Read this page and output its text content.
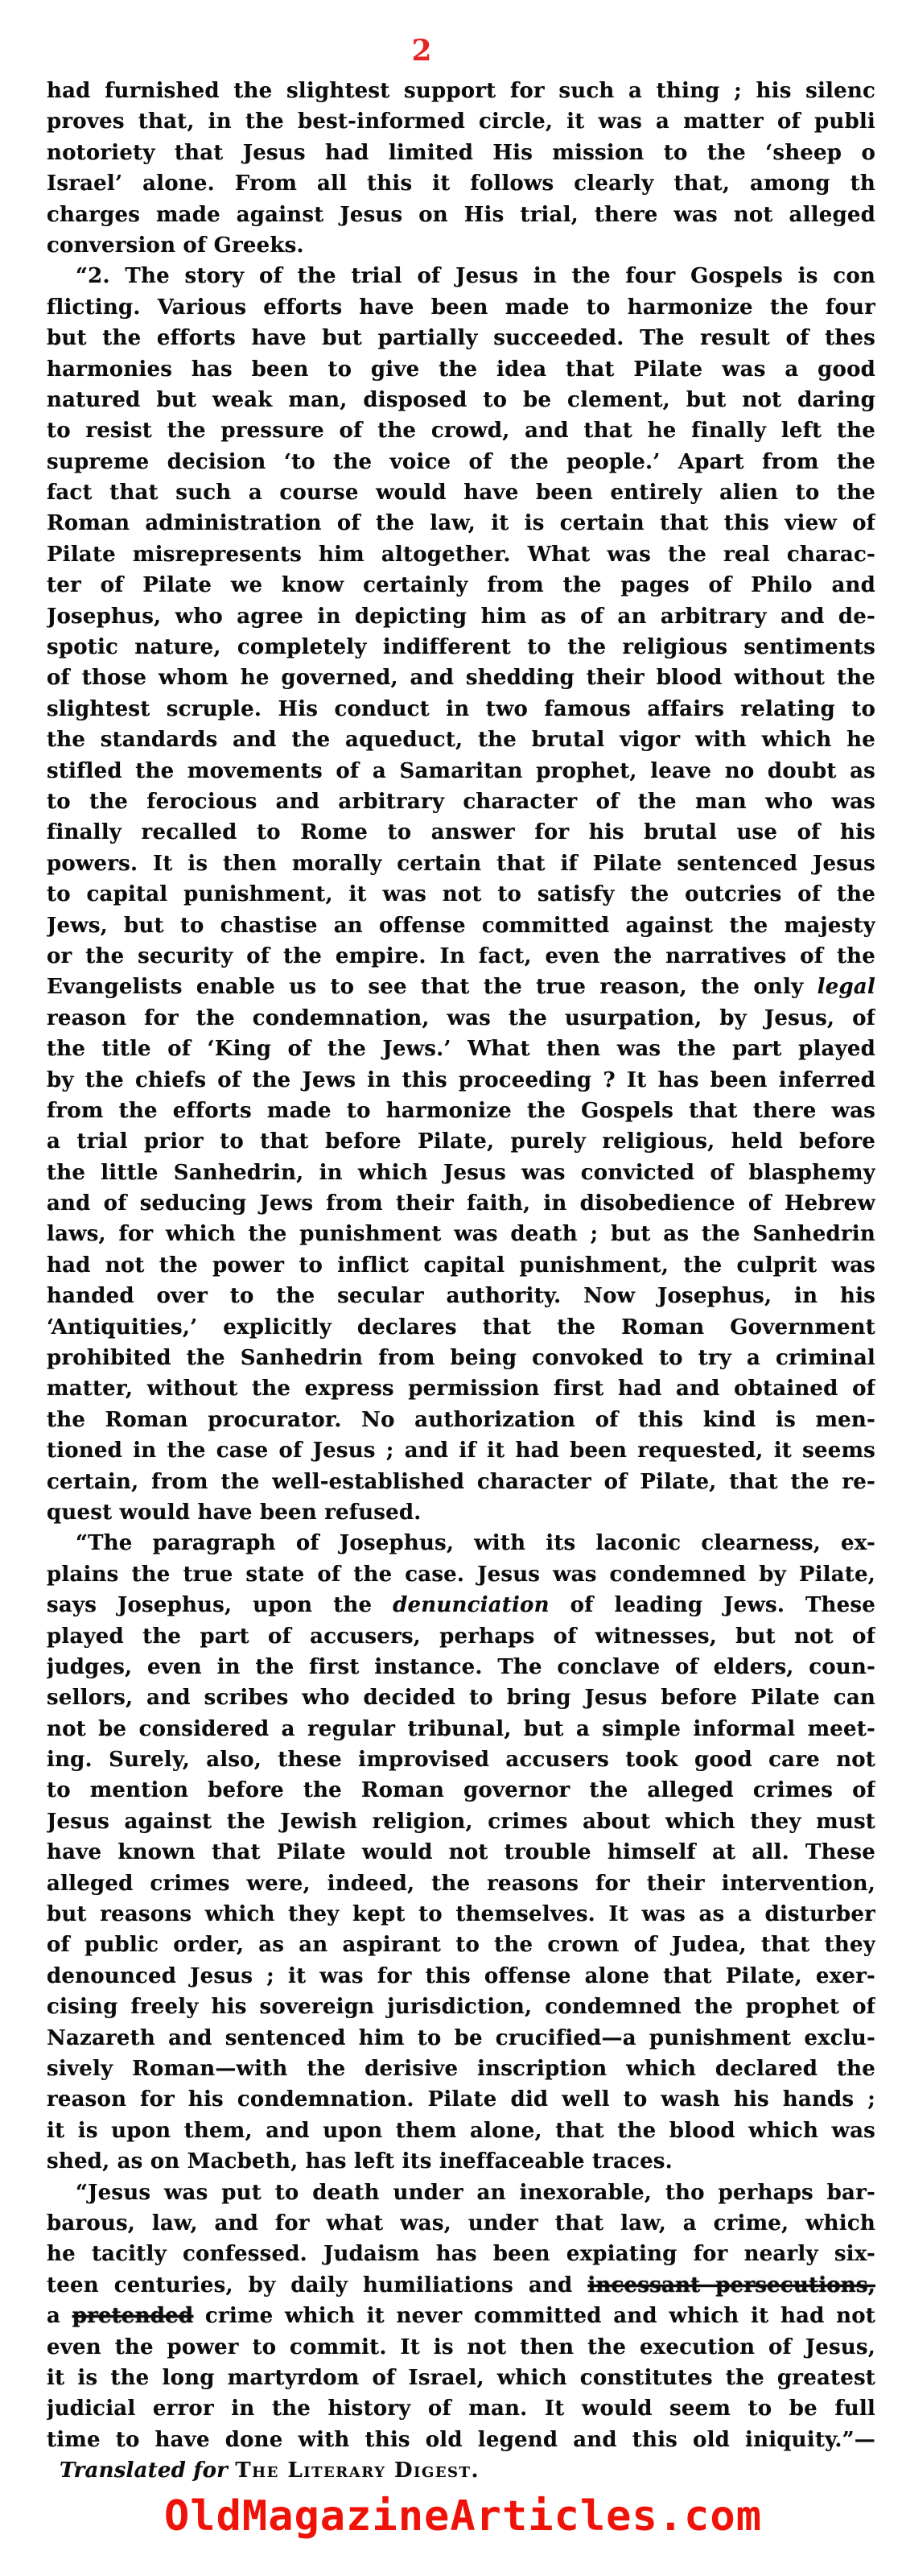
2
had furnished the slightest support for such a thing ; his silenc
proves that, in the best-informed circle, it was a matter of publi
notoriety that Jesus had limited His mission to the ‘sheep o
Israel’ alone. From all this it follows clearly that, among th
charges made against Jesus on His trial, there was not alleged
conversion of Greeks.
“2. The story of the trial of Jesus in the four Gospels is con
flicting. Various efforts have been made to harmonize the four
but the efforts have but partially succeeded. The result of thes
harmonies has been to give the idea that Pilate was a good
natured but weak man, disposed to be clement, but not daring
to resist the pressure of the crowd, and that he finally left the
supreme decision ‘to the voice of the people.’ Apart from the
fact that such a course would have been entirely alien to the
Roman administration of the law, it is certain that this view of
Pilate misrepresents him altogether. What was the real charac-
ter of Pilate we know certainly from the pages of Philo and
Josephus, who agree in depicting him as of an arbitrary and de-
spotic nature, completely indifferent to the religious sentiments
of those whom he governed, and shedding their blood without the
slightest scruple. His conduct in two famous affairs relating to
the standards and the aqueduct, the brutal vigor with which he
stifled the movements of a Samaritan prophet, leave no doubt as
to the ferocious and arbitrary character of the man who was
finally recalled to Rome to answer for his brutal use of his
powers. It is then morally certain that if Pilate sentenced Jesus
to capital punishment, it was not to satisfy the outcries of the
Jews, but to chastise an offense committed against the majesty
or the security of the empire. In fact, even the narratives of the
Evangelists enable us to see that the true reason, the only legal
reason for the condemnation, was the usurpation, by Jesus, of
the title of ‘King of the Jews.’ What then was the part played
by the chiefs of the Jews in this proceeding ? It has been inferred
from the efforts made to harmonize the Gospels that there was
a trial prior to that before Pilate, purely religious, held before
the little Sanhedrin, in which Jesus was convicted of blasphemy
and of seducing Jews from their faith, in disobedience of Hebrew
laws, for which the punishment was death ; but as the Sanhedrin
had not the power to inflict capital punishment, the culprit was
handed over to the secular authority. Now Josephus, in his
‘Antiquities,’ explicitly declares that the Roman Government
prohibited the Sanhedrin from being convoked to try a criminal
matter, without the express permission first had and obtained of
the Roman procurator. No authorization of this kind is men-
tioned in the case of Jesus ; and if it had been requested, it seems
certain, from the well-established character of Pilate, that the re-
quest would have been refused.
“The paragraph of Josephus, with its laconic clearness, ex-
plains the true state of the case. Jesus was condemned by Pilate,
says Josephus, upon the denunciation of leading Jews. These
played the part of accusers, perhaps of witnesses, but not of
judges, even in the first instance. The conclave of elders, coun-
sellors, and scribes who decided to bring Jesus before Pilate can
not be considered a regular tribunal, but a simple informal meet-
ing. Surely, also, these improvised accusers took good care not
to mention before the Roman governor the alleged crimes of
Jesus against the Jewish religion, crimes about which they must
have known that Pilate would not trouble himself at all. These
alleged crimes were, indeed, the reasons for their intervention,
but reasons which they kept to themselves. It was as a disturber
of public order, as an aspirant to the crown of Judea, that they
denounced Jesus ; it was for this offense alone that Pilate, exer-
cising freely his sovereign jurisdiction, condemned the prophet of
Nazareth and sentenced him to be crucified—a punishment exclu-
sively Roman—with the derisive inscription which declared the
reason for his condemnation. Pilate did well to wash his hands ;
it is upon them, and upon them alone, that the blood which was
shed, as on Macbeth, has left its ineffaceable traces.
“Jesus was put to death under an inexorable, tho perhaps bar-
barous, law, and for what was, under that law, a crime, which
he tacitly confessed. Judaism has been expiating for nearly six-
teen centuries, by daily humiliations and incessant persecutions,
a pretended crime which it never committed and which it had not
even the power to commit. It is not then the execution of Jesus,
it is the long martyrdom of Israel, which constitutes the greatest
judicial error in the history of man. It would seem to be full
time to have done with this old legend and this old iniquity.”—
Translated for The Literary Digest.
OldMagazineArticles.com
